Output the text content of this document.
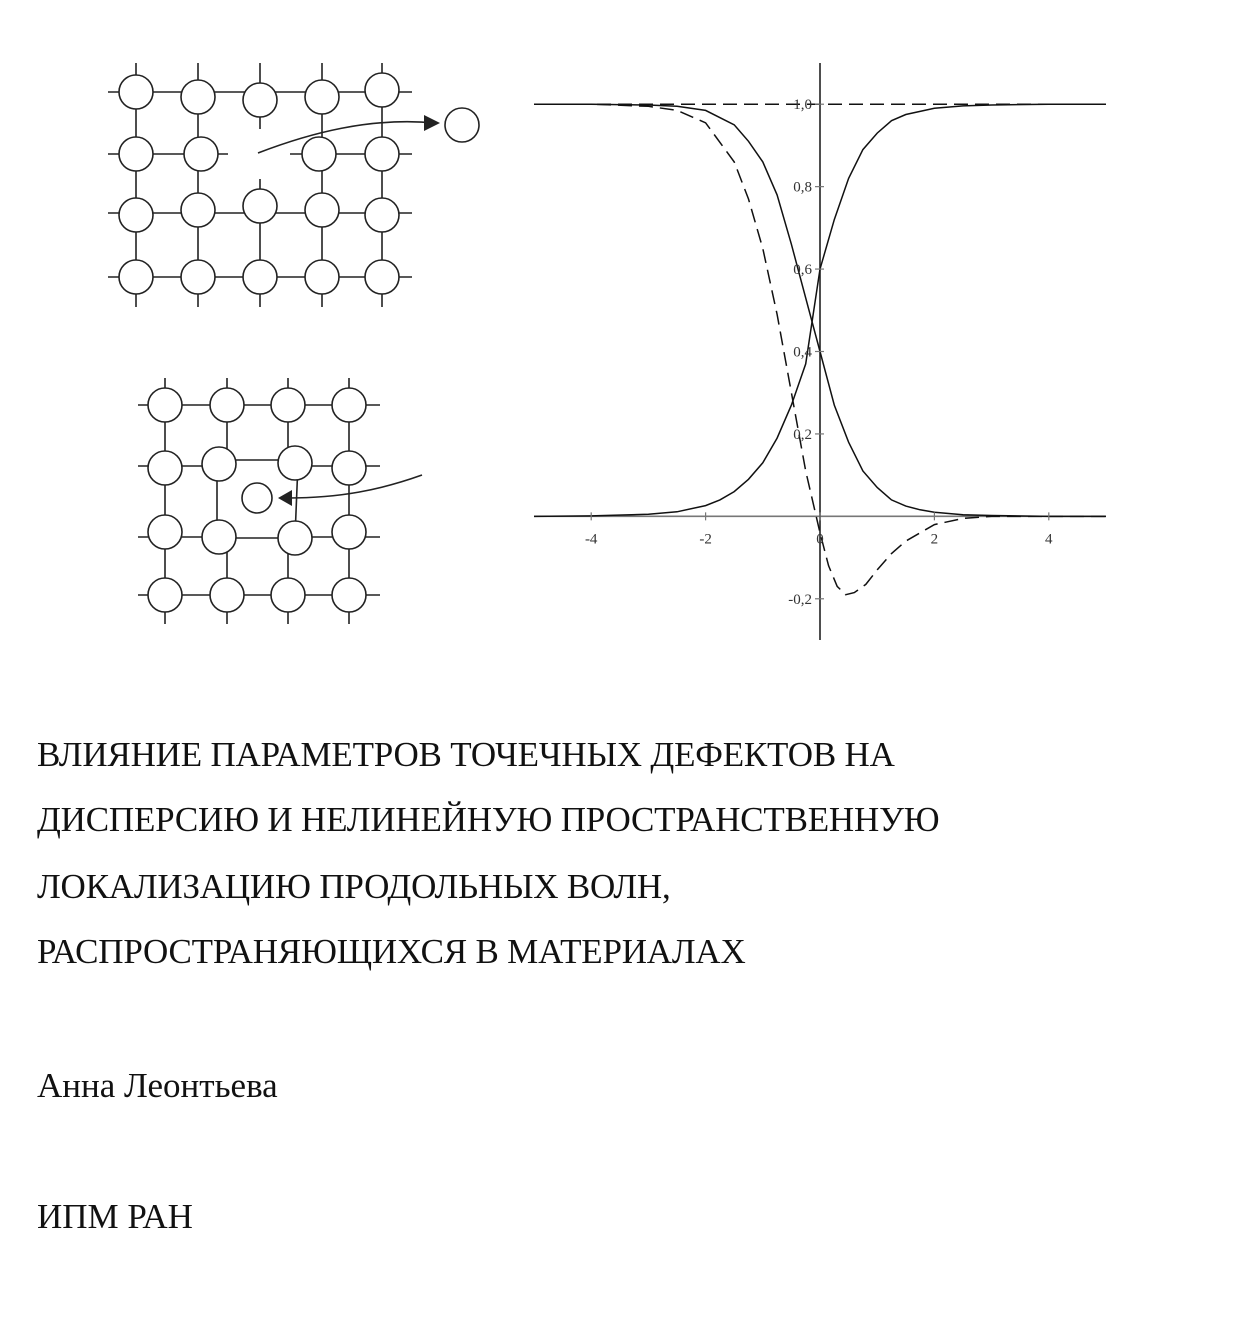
-4	-2	0	2	4
-0,2
0,2
0,4
0,6
0,8
1,0
ВЛИЯНИЕ ПАРАМЕТРОВ ТОЧЕЧНЫХ ДЕФЕКТОВ НА
ДИСПЕРСИЮ И НЕЛИНЕЙНУЮ ПРОСТРАНСТВЕННУЮ
ЛОКАЛИЗАЦИЮ ПРОДОЛЬНЫХ ВОЛН,
РАСПРОСТРАНЯЮЩИХСЯ В МАТЕРИАЛАХ
Анна Леонтьева
ИПМ РАН
